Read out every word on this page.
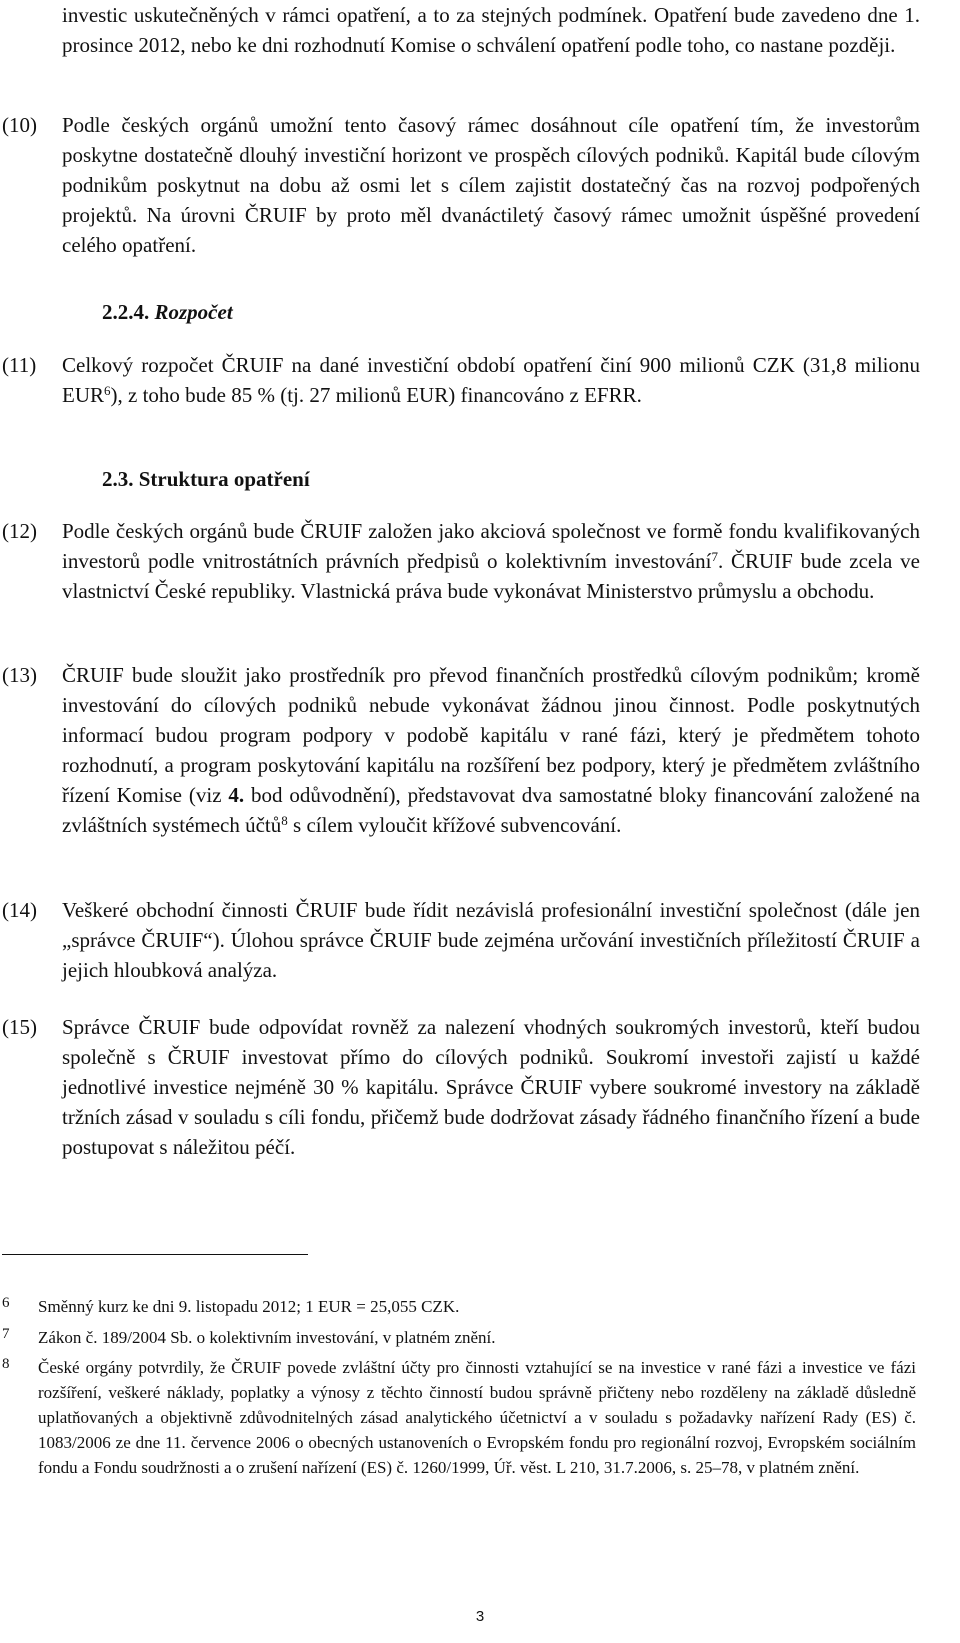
investic uskutečněných v rámci opatření, a to za stejných podmínek. Opatření bude zavedeno dne 1. prosince 2012, nebo ke dni rozhodnutí Komise o schválení opatření podle toho, co nastane později.
(10) Podle českých orgánů umožní tento časový rámec dosáhnout cíle opatření tím, že investorům poskytne dostatečně dlouhý investiční horizont ve prospěch cílových podniků. Kapitál bude cílovým podnikům poskytnut na dobu až osmi let s cílem zajistit dostatečný čas na rozvoj podpořených projektů. Na úrovni ČRUIF by proto měl dvanáctiletý časový rámec umožnit úspěšné provedení celého opatření.
2.2.4. Rozpočet
(11) Celkový rozpočet ČRUIF na dané investiční období opatření činí 900 milionů CZK (31,8 milionu EUR$^6$), z toho bude 85 % (tj. 27 milionů EUR) financováno z EFRR.
2.3. Struktura opatření
(12) Podle českých orgánů bude ČRUIF založen jako akciová společnost ve formě fondu kvalifikovaných investorů podle vnitrostátních právních předpisů o kolektivním investování$^7$. ČRUIF bude zcela ve vlastnictví České republiky. Vlastnická práva bude vykonávat Ministerstvo průmyslu a obchodu.
(13) ČRUIF bude sloužit jako prostředník pro převod finančních prostředků cílovým podnikům; kromě investování do cílových podniků nebude vykonávat žádnou jinou činnost. Podle poskytnutých informací budou program podpory v podobě kapitálu v rané fázi, který je předmětem tohoto rozhodnutí, a program poskytování kapitálu na rozšíření bez podpory, který je předmětem zvláštního řízení Komise (viz 4. bod odůvodnění), představovat dva samostatné bloky financování založené na zvláštních systémech účtů$^8$ s cílem vyloučit křížové subvencování.
(14) Veškeré obchodní činnosti ČRUIF bude řídit nezávislá profesionální investiční společnost (dále jen „správce ČRUIF“). Úlohou správce ČRUIF bude zejména určování investičních příležitostí ČRUIF a jejich hloubková analýza.
(15) Správce ČRUIF bude odpovídat rovněž za nalezení vhodných soukromých investorů, kteří budou společně s ČRUIF investovat přímo do cílových podniků. Soukromí investoři zajistí u každé jednotlivé investice nejméně 30 % kapitálu. Správce ČRUIF vybere soukromé investory na základě tržních zásad v souladu s cíli fondu, přičemž bude dodržovat zásady řádného finančního řízení a bude postupovat s náležitou péčí.
6 Směnný kurz ke dni 9. listopadu 2012; 1 EUR = 25,055 CZK.
7 Zákon č. 189/2004 Sb. o kolektivním investování, v platném znění.
8 České orgány potvrdily, že ČRUIF povede zvláštní účty pro činnosti vztahující se na investice v rané fázi a investice ve fázi rozšíření, veškeré náklady, poplatky a výnosy z těchto činností budou správně přičteny nebo rozděleny na základě důsledně uplatňovaných a objektivně zdůvodnitelných zásad analytického účetnictví a v souladu s požadavky nařízení Rady (ES) č. 1083/2006 ze dne 11. července 2006 o obecných ustanoveních o Evropském fondu pro regionální rozvoj, Evropském sociálním fondu a Fondu soudržnosti a o zrušení nařízení (ES) č. 1260/1999, Úř. věst. L 210, 31.7.2006, s. 25–78, v platném znění.
3
